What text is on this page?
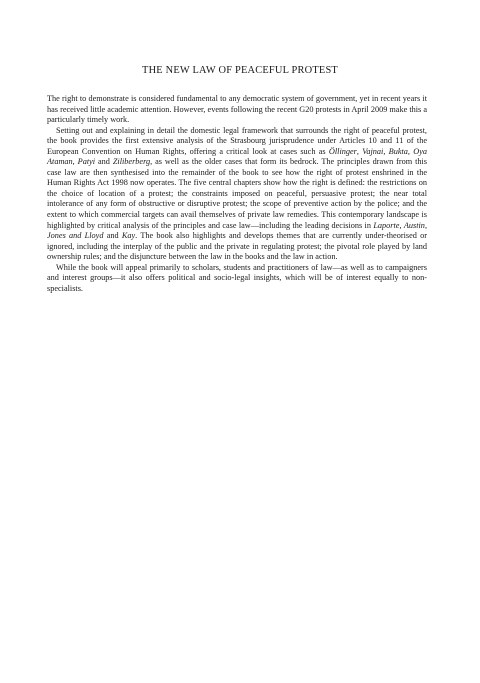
THE NEW LAW OF PEACEFUL PROTEST

The right to demonstrate is considered fundamental to any democratic system of government, yet in recent years it has received little academic attention. However, events following the recent G20 protests in April 2009 make this a particularly timely work.

Setting out and explaining in detail the domestic legal framework that surrounds the right of peaceful protest, the book provides the first extensive analysis of the Strasbourg jurisprudence under Articles 10 and 11 of the European Convention on Human Rights, offering a critical look at cases such as Öllinger, Vajnai, Bukta, Oya Ataman, Patyi and Ziliberberg, as well as the older cases that form its bedrock. The principles drawn from this case law are then synthesised into the remainder of the book to see how the right of protest enshrined in the Human Rights Act 1998 now operates. The five central chapters show how the right is defined: the restrictions on the choice of location of a protest; the constraints imposed on peaceful, persuasive protest; the near total intolerance of any form of obstructive or disruptive protest; the scope of preventive action by the police; and the extent to which commercial targets can avail themselves of private law remedies. This contemporary landscape is highlighted by critical analysis of the principles and case law—including the leading decisions in Laporte, Austin, Jones and Lloyd and Kay. The book also highlights and develops themes that are currently under-theorised or ignored, including the interplay of the public and the private in regulating protest; the pivotal role played by land ownership rules; and the disjuncture between the law in the books and the law in action.

While the book will appeal primarily to scholars, students and practitioners of law—as well as to campaigners and interest groups—it also offers political and socio-legal insights, which will be of interest equally to non-specialists.
